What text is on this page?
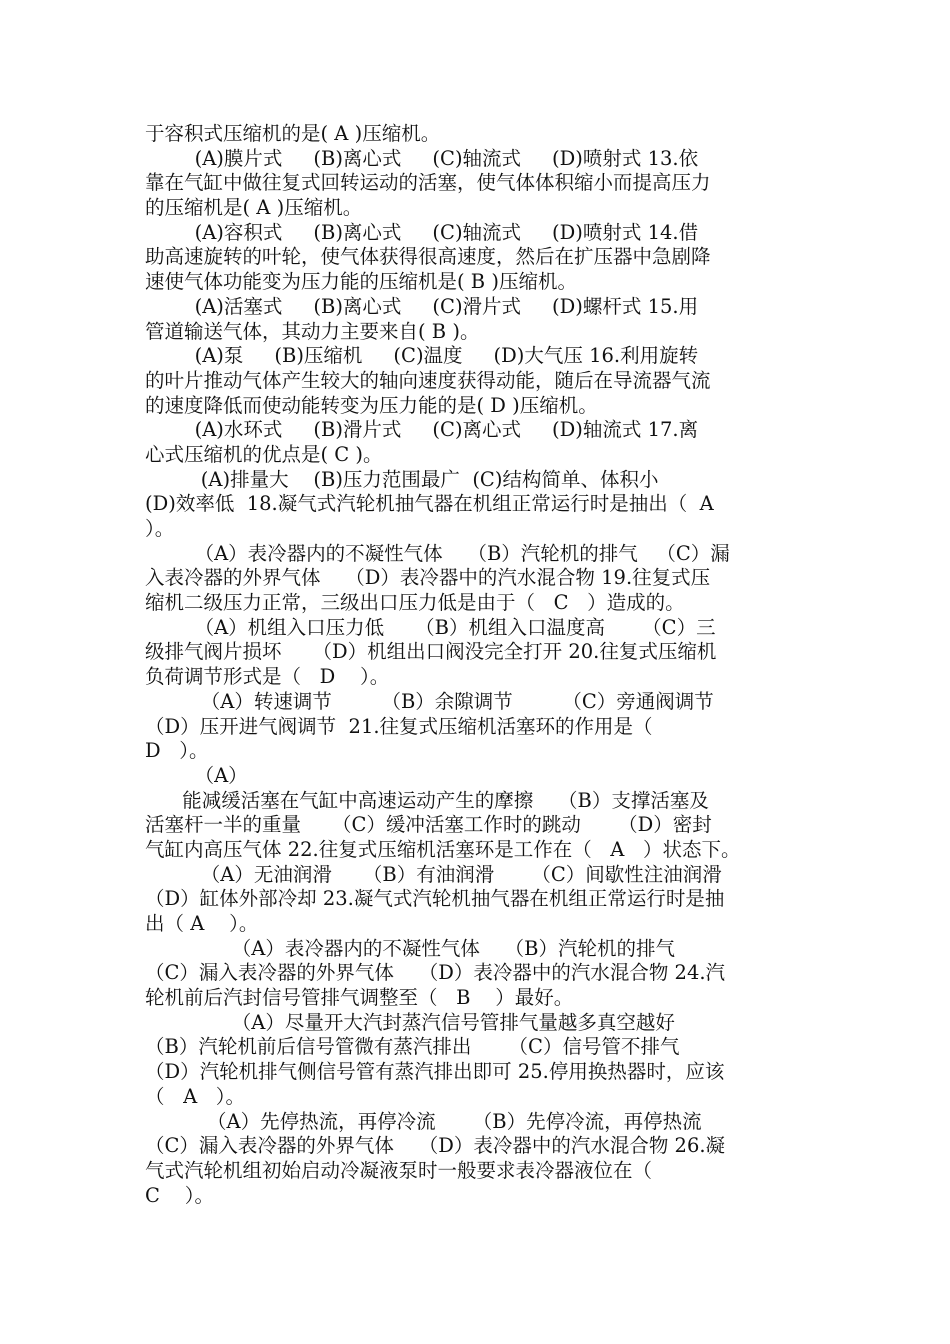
于容积式压缩机的是( A )压缩机。
(A)膜片式     (B)离心式     (C)轴流式     (D)喷射式 13.依
靠在气缸中做往复式回转运动的活塞，使气体体积缩小而提高压力
的压缩机是( A )压缩机。
(A)容积式     (B)离心式     (C)轴流式     (D)喷射式 14.借
助高速旋转的叶轮，使气体获得很高速度，然后在扩压器中急剧降
速使气体功能变为压力能的压缩机是( B )压缩机。
(A)活塞式     (B)离心式     (C)滑片式     (D)螺杆式 15.用
管道输送气体，其动力主要来自( B )。
(A)泵     (B)压缩机     (C)温度     (D)大气压 16.利用旋转
的叶片推动气体产生较大的轴向速度获得动能，随后在导流器气流
的速度降低而使动能转变为压力能的是( D )压缩机。
(A)水环式     (B)滑片式     (C)离心式     (D)轴流式 17.离
心式压缩机的优点是( C )。
(A)排量大    (B)压力范围最广  (C)结构简单、体积小
(D)效率低  18.凝气式汽轮机抽气器在机组正常运行时是抽出（  A
）。
（A）表冷器内的不凝性气体    （B）汽轮机的排气   （C）漏
入表冷器的外界气体    （D）表冷器中的汽水混合物 19.往复式压
缩机二级压力正常，三级出口压力低是由于（   C   ）造成的。
（A）机组入口压力低     （B）机组入口温度高      （C）三
级排气阀片损坏     （D）机组出口阀没完全打开 20.往复式压缩机
负荷调节形式是（   D    ）。
（A）转速调节        （B）余隙调节        （C）旁通阀调节
（D）压开进气阀调节  21.往复式压缩机活塞环的作用是（
D   ）。
（A）
能减缓活塞在气缸中高速运动产生的摩擦    （B）支撑活塞及
活塞杆一半的重量     （C）缓冲活塞工作时的跳动      （D）密封
气缸内高压气体 22.往复式压缩机活塞环是工作在（   A   ）状态下。
（A）无油润滑     （B）有油润滑      （C）间歇性注油润滑
（D）缸体外部冷却 23.凝气式汽轮机抽气器在机组正常运行时是抽
出（ A    ）。
（A）表冷器内的不凝性气体    （B）汽轮机的排气
（C）漏入表冷器的外界气体    （D）表冷器中的汽水混合物 24.汽
轮机前后汽封信号管排气调整至（   B    ）最好。
（A）尽量开大汽封蒸汽信号管排气量越多真空越好
（B）汽轮机前后信号管微有蒸汽排出      （C）信号管不排气
（D）汽轮机排气侧信号管有蒸汽排出即可 25.停用换热器时，应该
（   A   ）。
（A）先停热流，再停冷流      （B）先停冷流，再停热流
（C）漏入表冷器的外界气体    （D）表冷器中的汽水混合物 26.凝
气式汽轮机组初始启动冷凝液泵时一般要求表冷器液位在（
C    ）。
